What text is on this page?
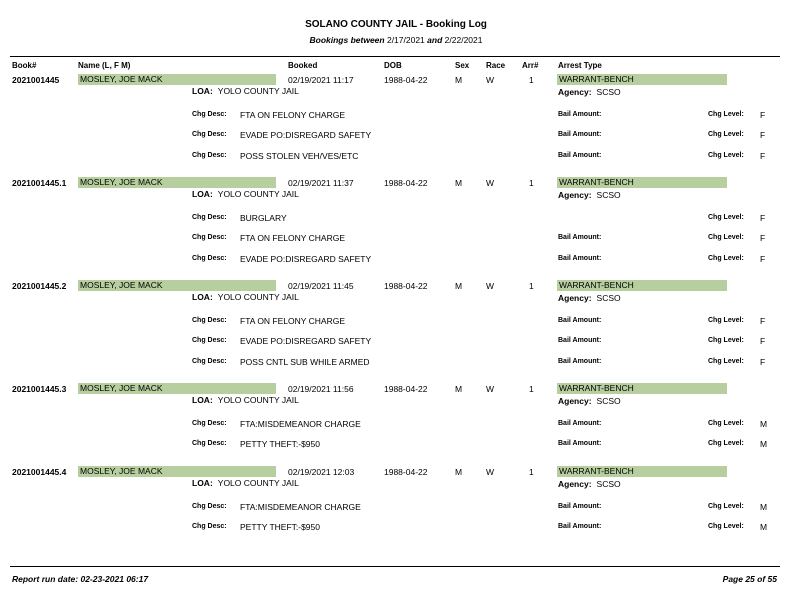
SOLANO COUNTY JAIL - Booking Log
Bookings between 2/17/2021 and 2/22/2021
Book#	Name (L, F M)	Booked	DOB	Sex Race Arr# Arrest Type
2021001445 MOSLEY, JOE MACK	02/19/2021 11:17	1988-04-22	M	W	1	WARRANT-BENCH
LOA: YOLO COUNTY JAIL	Agency: SCSO
Chg Desc: FTA ON FELONY CHARGE	Bail Amount:	Chg Level: F
Chg Desc: EVADE PO:DISREGARD SAFETY	Bail Amount:	Chg Level: F
Chg Desc: POSS STOLEN VEH/VES/ETC	Bail Amount:	Chg Level: F
2021001445.1 MOSLEY, JOE MACK	02/19/2021 11:37	1988-04-22	M	W	1	WARRANT-BENCH
LOA: YOLO COUNTY JAIL	Agency: SCSO
Chg Desc: BURGLARY	Chg Level: F
Chg Desc: FTA ON FELONY CHARGE	Bail Amount:	Chg Level: F
Chg Desc: EVADE PO:DISREGARD SAFETY	Bail Amount:	Chg Level: F
2021001445.2 MOSLEY, JOE MACK	02/19/2021 11:45	1988-04-22	M	W	1	WARRANT-BENCH
LOA: YOLO COUNTY JAIL	Agency: SCSO
Chg Desc: FTA ON FELONY CHARGE	Bail Amount:	Chg Level: F
Chg Desc: EVADE PO:DISREGARD SAFETY	Bail Amount:	Chg Level: F
Chg Desc: POSS CNTL SUB WHILE ARMED	Bail Amount:	Chg Level: F
2021001445.3 MOSLEY, JOE MACK	02/19/2021 11:56	1988-04-22	M	W	1	WARRANT-BENCH
LOA: YOLO COUNTY JAIL	Agency: SCSO
Chg Desc: FTA:MISDEMEANOR CHARGE	Bail Amount:	Chg Level: M
Chg Desc: PETTY THEFT:-$950	Bail Amount:	Chg Level: M
2021001445.4 MOSLEY, JOE MACK	02/19/2021 12:03	1988-04-22	M	W	1	WARRANT-BENCH
LOA: YOLO COUNTY JAIL	Agency: SCSO
Chg Desc: FTA:MISDEMEANOR CHARGE	Bail Amount:	Chg Level: M
Chg Desc: PETTY THEFT:-$950	Bail Amount:	Chg Level: M
Report run date: 02-23-2021 06:17	Page 25 of 55
